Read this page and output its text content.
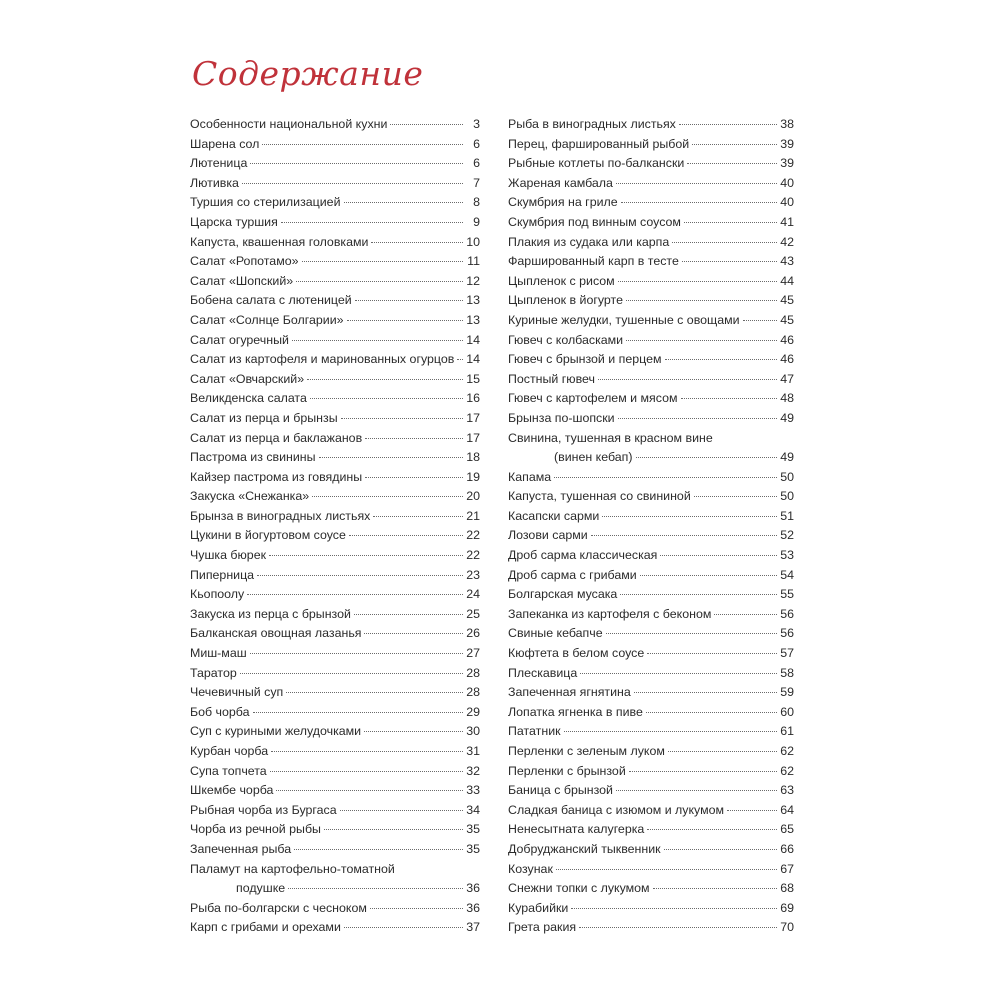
Содержание
Особенности национальной кухни	3
Шарена сол	6
Лютеница	6
Лютивка	7
Туршия со стерилизацией	8
Царска туршия	9
Капуста, квашенная головками	10
Салат «Ропотамо»	11
Салат «Шопский»	12
Бобена салата с лютеницей	13
Салат «Солнце Болгарии»	13
Салат огуречный	14
Салат из картофеля и маринованных огурцов 14
Салат «Овчарский»	15
Великденска салата	16
Салат из перца и брынзы	17
Салат из перца и баклажанов	17
Пастрома из свинины	18
Кайзер пастрома из говядины	19
Закуска «Снежанка»	20
Брынза в виноградных листьях	21
Цукини в йогуртовом соусе	22
Чушка бюрек	22
Пиперница	23
Кьопоолу	24
Закуска из перца с брынзой	25
Балканская овощная лазанья	26
Миш-маш	27
Таратор	28
Чечевичный суп	28
Боб чорба	29
Суп с куриными желудочками	30
Курбан чорба	31
Супа топчета	32
Шкембе чорба	33
Рыбная чорба из Бургаса	34
Чорба из речной рыбы	35
Запеченная рыба	35
Паламут на картофельно-томатной
подушке	36
Рыба по-болгарски с чесноком	36
Карп с грибами и орехами	37
Рыба в виноградных листьях	38
Перец, фаршированный рыбой	39
Рыбные котлеты по-балкански	39
Жареная камбала	40
Скумбрия на гриле	40
Скумбрия под винным соусом	41
Плакия из судака или карпа	42
Фаршированный карп в тесте	43
Цыпленок с рисом	44
Цыпленок в йогурте	45
Куриные желудки, тушенные с овощами	45
Гювеч с колбасками	46
Гювеч с брынзой и перцем	46
Постный гювеч	47
Гювеч с картофелем и мясом	48
Брынза по-шопски	49
Свинина, тушенная в красном вине
(винен кебап)	49
Капама	50
Капуста, тушенная со свининой	50
Касапски сарми	51
Лозови сарми	52
Дроб сарма классическая	53
Дроб сарма с грибами	54
Болгарская мусака	55
Запеканка из картофеля с беконом	56
Свиные кебапче	56
Кюфтета в белом соусе	57
Плескавица	58
Запеченная ягнятина	59
Лопатка ягненка в пиве	60
Пататник	61
Перленки с зеленым луком	62
Перленки с брынзой	62
Баница с брынзой	63
Сладкая баница с изюмом и лукумом	64
Ненесытната калугерка	65
Добруджанский тыквенник	66
Козунак	67
Снежни топки с лукумом	68
Курабийки	69
Грета ракия	70
